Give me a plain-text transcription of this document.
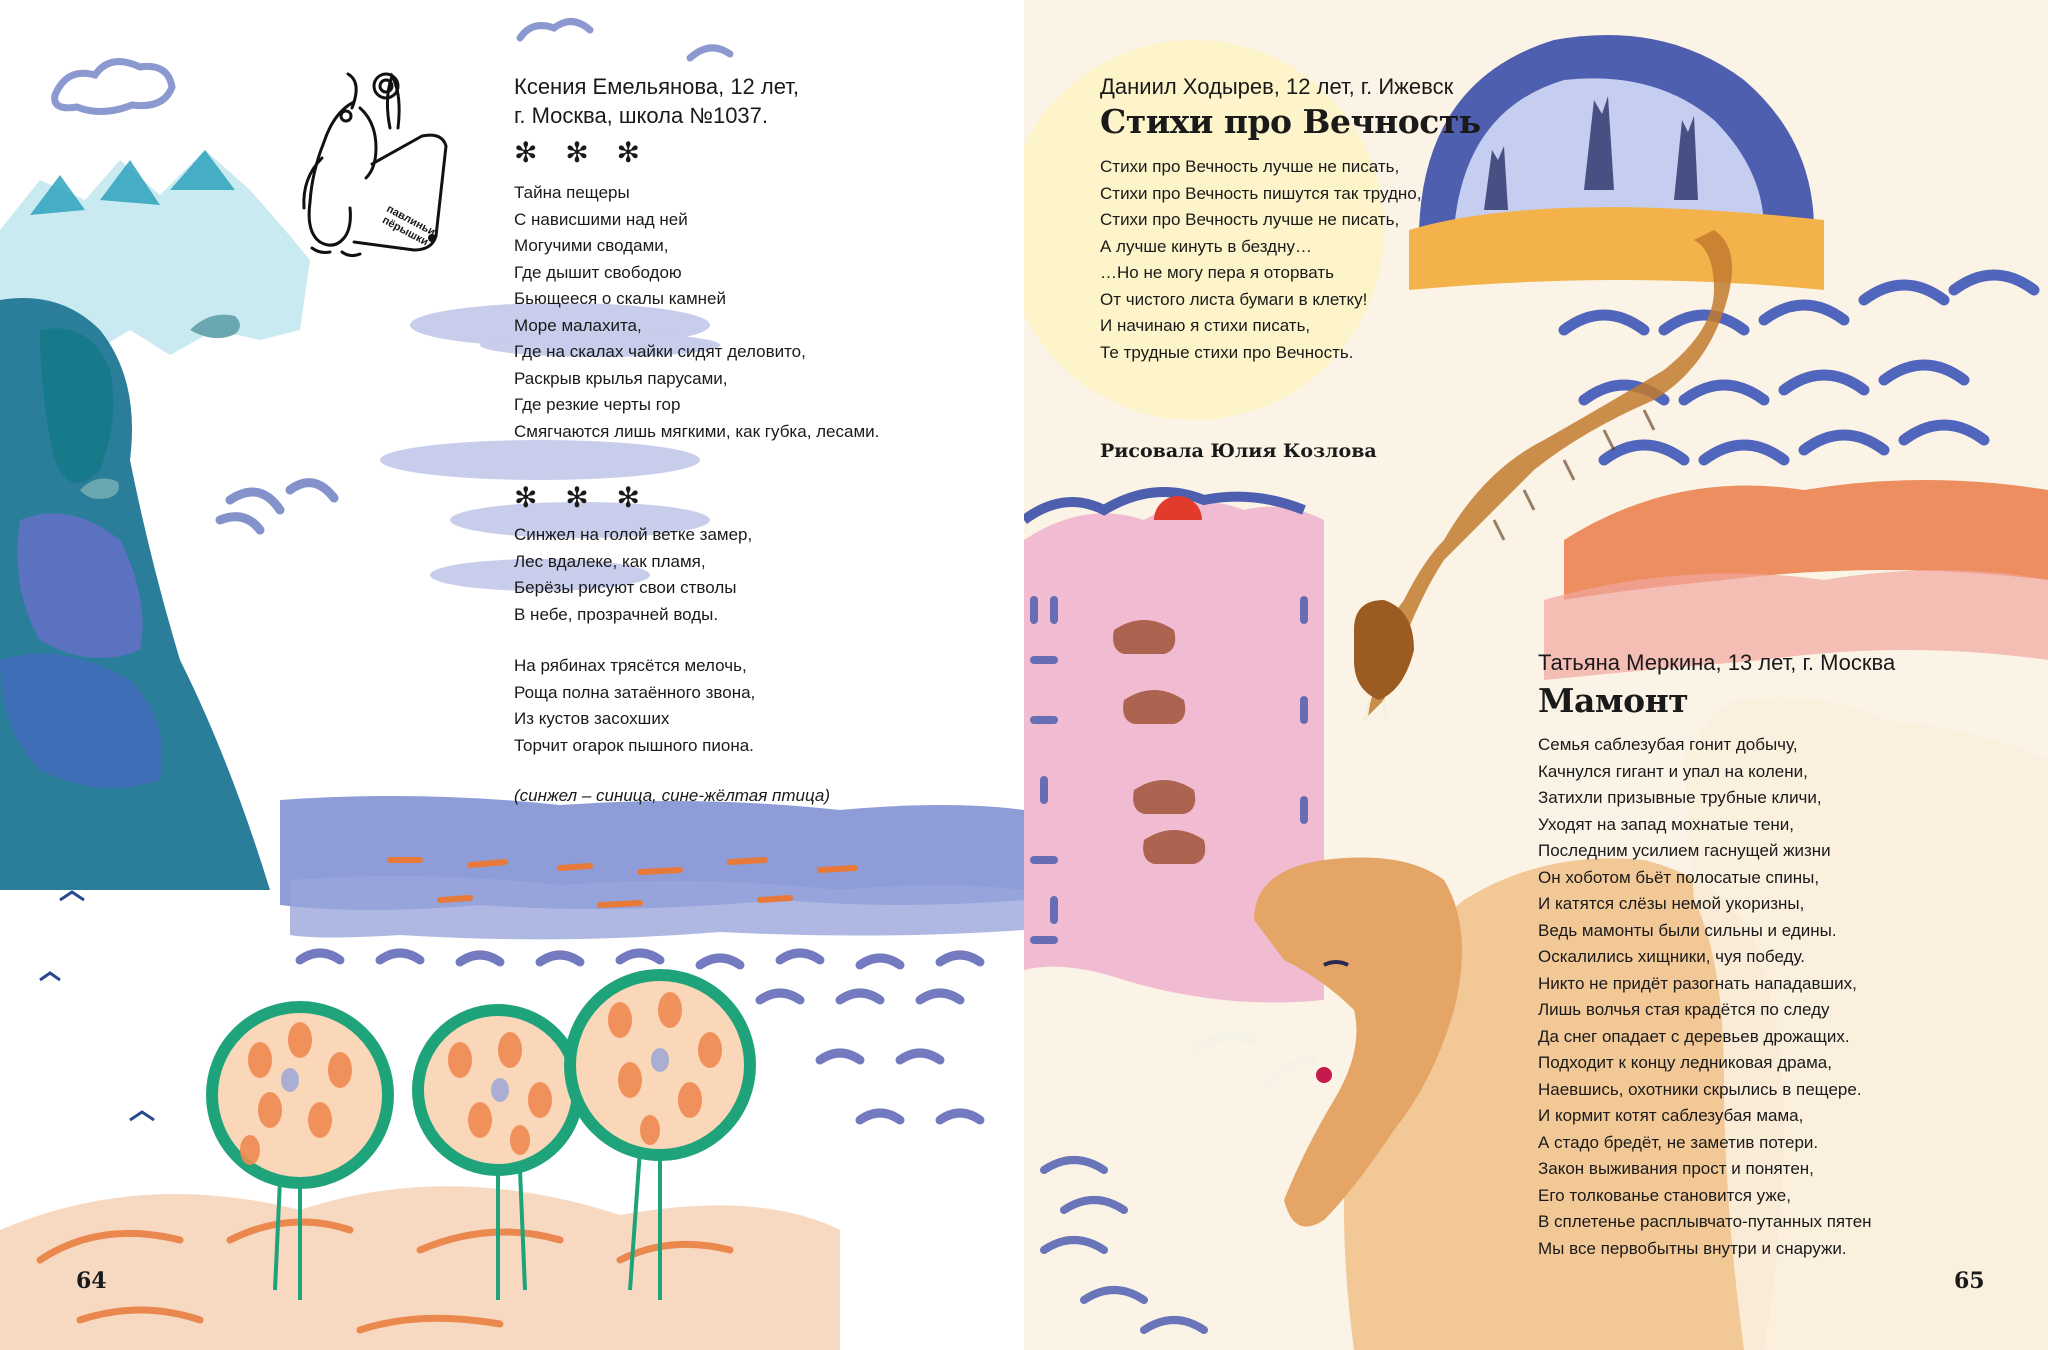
павлиньи пёрышки
Ксения Емельянова, 12 лет,
г. Москва, школа №1037.
✻ ✻ ✻
Тайна пещеры
С нависшими над ней
Могучими сводами,
Где дышит свободою
Бьющееся о скалы камней
Море малахита,
Где на скалах чайки сидят деловито,
Раскрыв крылья парусами,
Где резкие черты гор
Смягчаются лишь мягкими, как губка, лесами.
✻ ✻ ✻
Синжел на голой ветке замер,
Лес вдалеке, как пламя,
Берёзы рисуют свои стволы
В небе, прозрачней воды.
На рябинах трясётся мелочь,
Роща полна затаённого звона,
Из кустов засохших
Торчит огарок пышного пиона.
(синжел – синица, сине-жёлтая птица)
64
Даниил Ходырев, 12 лет, г. Ижевск
Стихи про Вечность
Стихи про Вечность лучше не писать,
Стихи про Вечность пишутся так трудно,
Стихи про Вечность лучше не писать,
А лучше кинуть в бездну…
…Но не могу пера я оторвать
От чистого листа бумаги в клетку!
И начинаю я стихи писать,
Те трудные стихи про Вечность.
Рисовала Юлия Козлова
Татьяна Меркина, 13 лет, г. Москва
Мамонт
Семья саблезубая гонит добычу,
Качнулся гигант и упал на колени,
Затихли призывные трубные кличи,
Уходят на запад мохнатые тени,
Последним усилием гаснущей жизни
Он хоботом бьёт полосатые спины,
И катятся слёзы немой укоризны,
Ведь мамонты были сильны и едины.
Оскалились хищники, чуя победу.
Никто не придёт разогнать нападавших,
Лишь волчья стая крадётся по следу
Да снег опадает с деревьев дрожащих.
Подходит к концу ледниковая драма,
Наевшись, охотники скрылись в пещере.
И кормит котят саблезубая мама,
А стадо бредёт, не заметив потери.
Закон выживания прост и понятен,
Его толкованье становится уже,
В сплетенье расплывчато-путанных пятен
Мы все первобытны внутри и снаружи.
65
